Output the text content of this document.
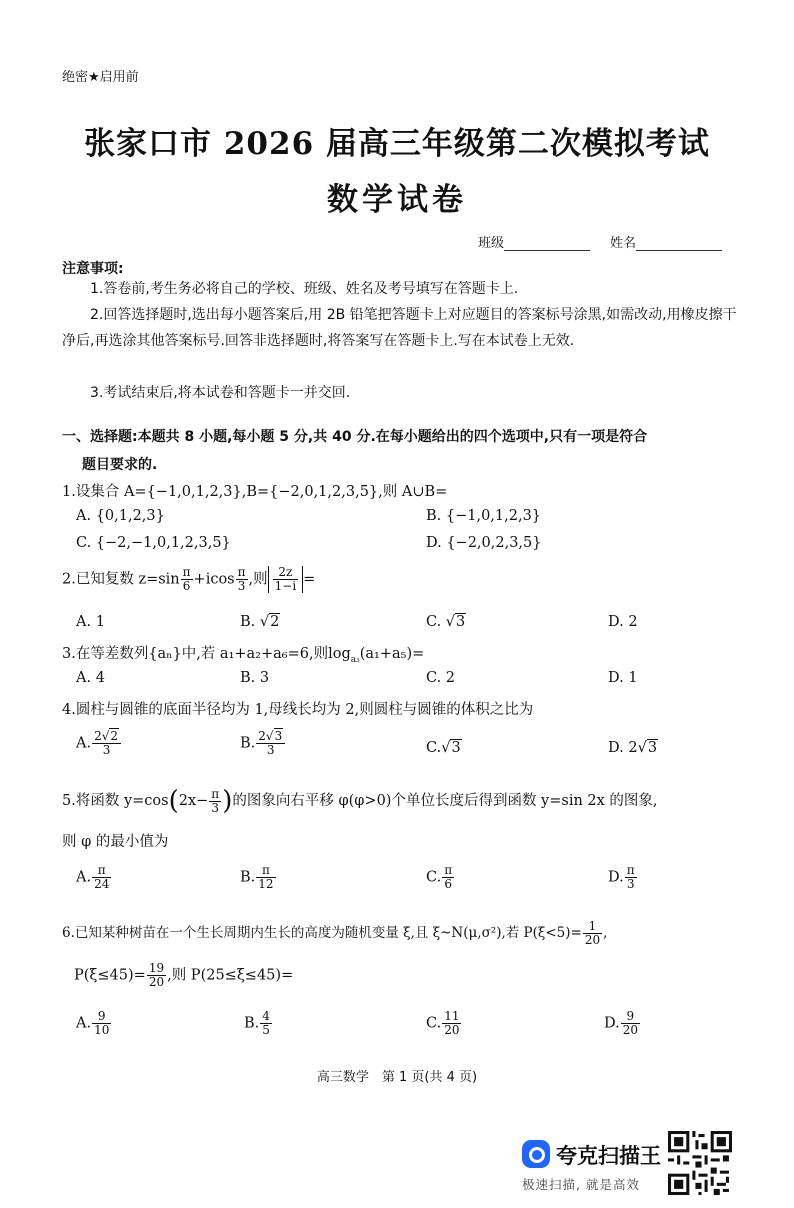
绝密★启用前
张家口市 2026 届高三年级第二次模拟考试
数学试卷
班级	姓名
注意事项:
1.答卷前,考生务必将自己的学校、班级、姓名及考号填写在答题卡上.
2.回答选择题时,选出每小题答案后,用 2B 铅笔把答题卡上对应题目的答案标号涂黑,如需改动,用橡皮擦干净后,再选涂其他答案标号.回答非选择题时,将答案写在答题卡上.写在本试卷上无效.
3.考试结束后,将本试卷和答题卡一并交回.
一、选择题:本题共 8 小题,每小题 5 分,共 40 分.在每小题给出的四个选项中,只有一项是符合
题目要求的.
1.设集合 A={−1,0,1,2,3},B={−2,0,1,2,3,5},则 A∪B=
A. {0,1,2,3}	B. {−1,0,1,2,3}
C. {−2,−1,0,1,2,3,5}	D. {−2,0,2,3,5}
2.已知复数 $z=\sin \frac{\pi}{6} +icos \frac{\pi}{3}$ ,则 $\frac{2z}{1-i}$ =
A. 1	B. √2	C. √3	D. 2
3.在等差数列{aₙ}中,若 a₁+a₂+a₆=6,则$\log_{a_3}(a_1+a_5)=$
A. 4	B. 3	C. 2	D. 1
4.圆柱与圆锥的底面半径均为 1,母线长均为 2,则圆柱与圆锥的体积之比为
A. $\frac{2√2}{3}$	B. $\frac{2√3}{3}$	C.√3	D. 2√3
5.将函数 $y=\cos(2x- \frac{\pi}{3}$ )的图象向右平移 φ(φ>0)个单位长度后得到函数 y=sin 2x 的图象,
则 φ 的最小值为
A. $\frac{\pi}{24}$	B. $\frac{\pi}{12}$	C. $\frac{\pi}{6}$	D. $\frac{\pi}{3}$
6.已知某种树苗在一个生长周期内生长的高度为随机变量 ξ,且 ξ~N(μ,σ²),若 $P(\xi<5)= \frac{1}{20}$ ,
$P(\xi\le 45)= \frac{19}{20}$ ,则 P(25≤ξ≤45)=
A. $\frac{9}{10}$	B. $\frac{4}{5}$	C. $\frac{11}{20}$	D. $\frac{9}{20}$
高三数学　第 1 页(共 4 页)
夸克扫描王
极速扫描, 就是高效
